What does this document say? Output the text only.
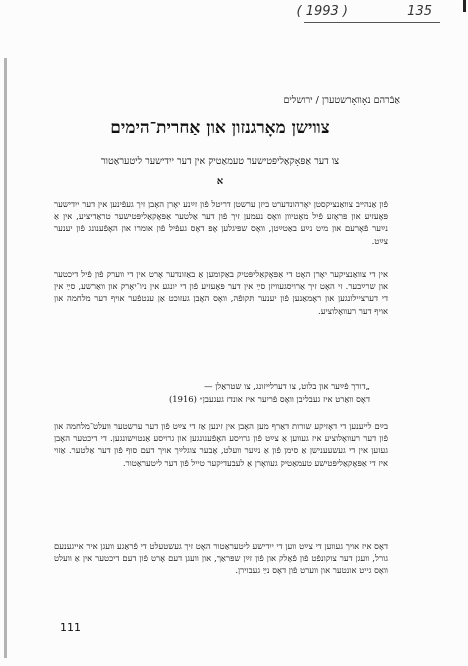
( 1993 )	135
אַבֿרהם נאָװאָרשטערן / ירושלים
צװישן מאָרגנזון און אַחרית־הימים
צו דער אַפּאָקאַליפּטישער טעמאַטיק אין דער ייִדישער ליטעראַטור
א

פֿון אַנהײב צװאַנציקסטן יאָרהונדערט ביזן ערשטן דריטל פֿון זײַנע יאָרן האָבן זיך געפֿינען אין דער ייִדישער פּאָעזיע און פּראָזע פֿיל מאָטיװן װאָס נעמען זיך פֿון דער אַלטער אַפּאָקאַליפּטישער טראַדיציע, אין אַ נײַער פֿאָרעם און מיט נײַע באַטײַטן, װאָס שפּיגלען אָפּ דאָס געפֿיל פֿון אומרו און האָפֿענונג פֿון יענער צײַט.

אין די צװאַנציקער יאָרן האָט די אַפּאָקאַליפּטיק באַקומען אַ באַזונדער אָרט אין די װערק פֿון פֿיל דיכטער און שרײַבער. זי האָט זיך אַרויסגעװיזן סײַ אין דער פּאָעזיע פֿון די יונגע אין ניו־יאָרק און װאַרשע, סײַ אין די דערציילונגען און ראָמאַנען פֿון יענער תּקופֿה, װאָס האָבן געזוכט אַן ענטפֿער אויף דער מלחמה און אויף דער רעװאָלוציע.

„דורך פֿײַער און בלוט, צו דערלײזונג, צו שטראַלן —
דאָס װאַרט איז געבליבן װאָס פֿריִער איז אונדז געגעבן״ (1916)

בײַם לײענען די דאָזיקע שורות דאַרף מען האָבן אין זינען אַז די צײַט פֿון דער ערשטער װעלט־מלחמה און פֿון דער רעװאָלוציע איז געװען אַ צײַט פֿון גרויסע האָפֿענונגען און גרויסע אַנטוישונגען. די דיכטער האָבן געזען אין די געשעענישן אַ סימן פֿון אַ נײַער װעלט, אָבער צוגלײַך אויך דעם סוף פֿון דער אַלטער. אַזוי איז די אַפּאָקאַליפּטישע טעמאַטיק געװאָרן אַ לעבעדיקער טייל פֿון דער ליטעראַטור.

דאָס איז אויך געװען די צײַט װען די ייִדישע ליטעראַטור האָט זיך געשטעלט די פֿראַגע װעגן איר אייגענעם גורל, װעגן דער צוקונפֿט פֿון פֿאָלק און פֿון זײַן שפּראַך, און װעגן דעם אָרט פֿון דעם דיכטער אין אַ װעלט װאָס גייט אונטער און װערט פֿון דאָס נײַ געבוירן.

111
